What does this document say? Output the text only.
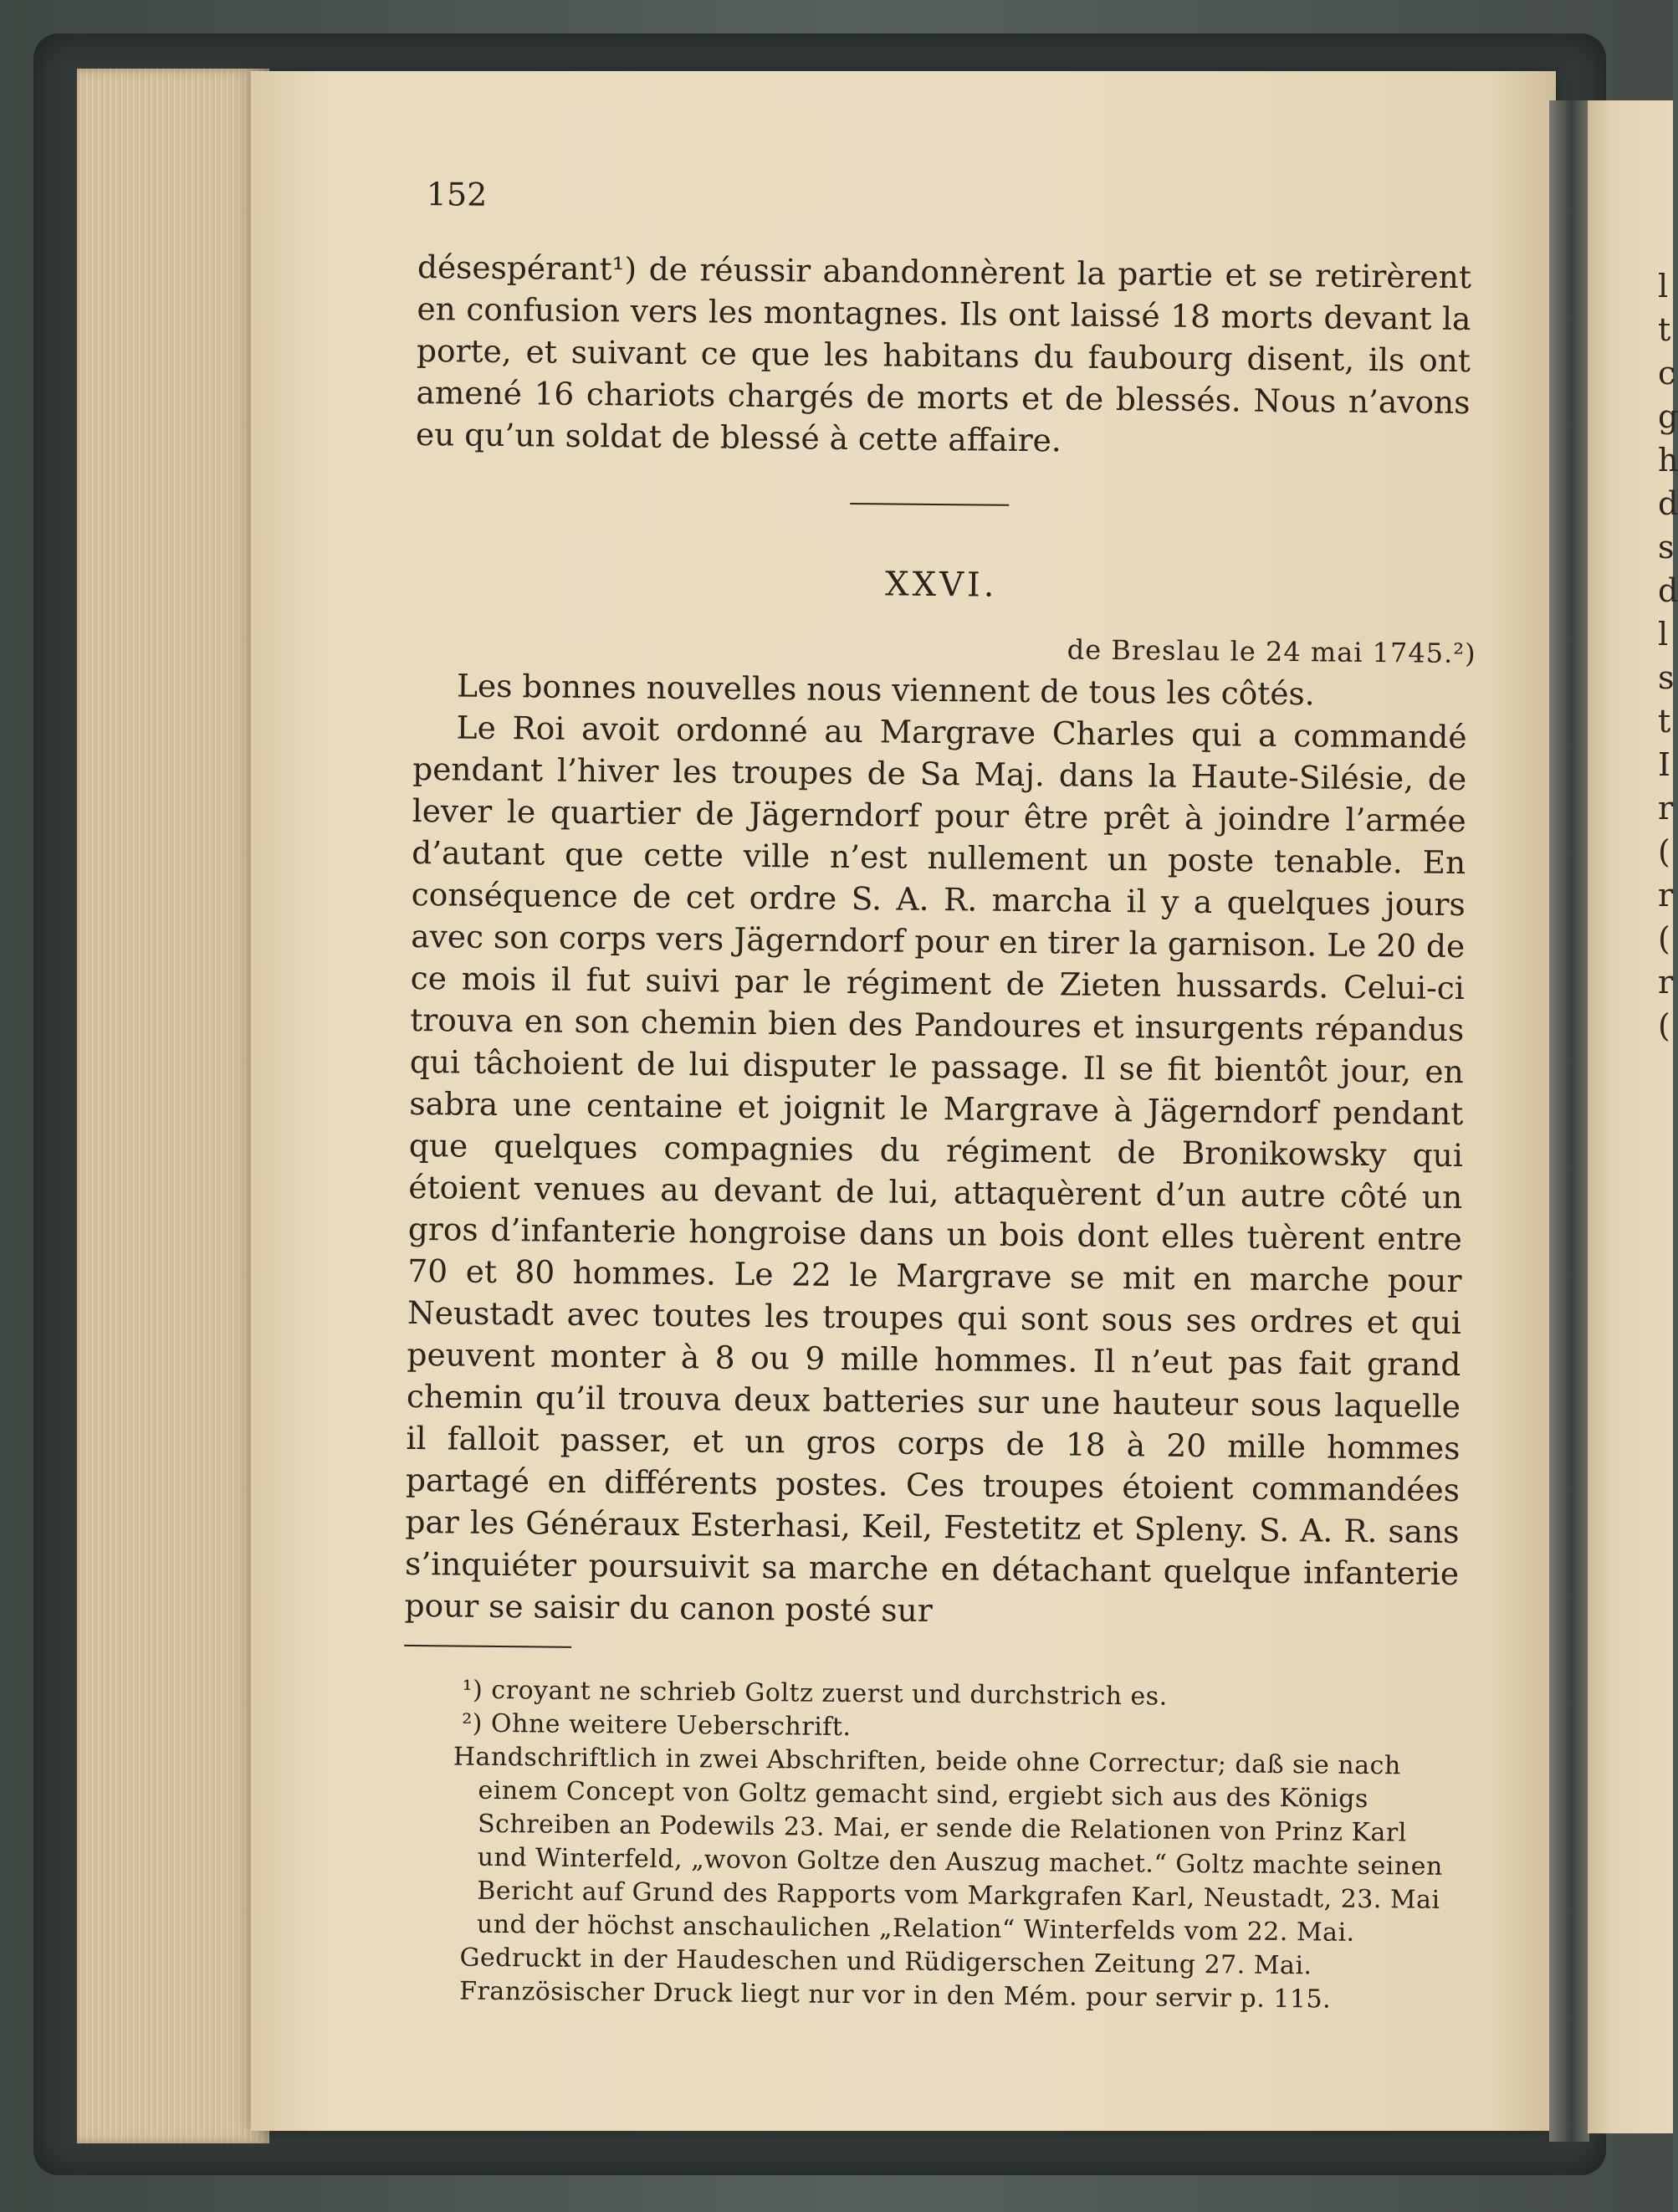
l
t
c
g
h
d
s
d
l
s
t
I
r
(
r
(
r
(
152

désespérant¹) de réussir abandonnèrent la partie et se retirèrent en confusion vers les montagnes. Ils ont laissé 18 morts devant la porte, et suivant ce que les habitans du faubourg disent, ils ont amené 16 chariots chargés de morts et de blessés. Nous n’avons eu qu’un soldat de blessé à cette affaire.

XXVI.
de Breslau le 24 mai 1745.²)

Les bonnes nouvelles nous viennent de tous les côtés.

Le Roi avoit ordonné au Margrave Charles qui a commandé pendant l’hiver les troupes de Sa Maj. dans la Haute-Silésie, de lever le quartier de Jägerndorf pour être prêt à joindre l’armée d’autant que cette ville n’est nullement un poste tenable. En conséquence de cet ordre S. A. R. marcha il y a quelques jours avec son corps vers Jägerndorf pour en tirer la garnison. Le 20 de ce mois il fut suivi par le régiment de Zieten hussards. Celui-ci trouva en son chemin bien des Pandoures et insurgents répandus qui tâchoient de lui disputer le passage. Il se fit bientôt jour, en sabra une centaine et joignit le Margrave à Jägerndorf pendant que quelques compagnies du régiment de Bronikowsky qui étoient venues au devant de lui, attaquèrent d’un autre côté un gros d’infanterie hongroise dans un bois dont elles tuèrent entre 70 et 80 hommes. Le 22 le Margrave se mit en marche pour Neustadt avec toutes les troupes qui sont sous ses ordres et qui peuvent monter à 8 ou 9 mille hommes. Il n’eut pas fait grand chemin qu’il trouva deux batteries sur une hauteur sous laquelle il falloit passer, et un gros corps de 18 à 20 mille hommes partagé en différents postes. Ces troupes étoient commandées par les Généraux Esterhasi, Keil, Festetitz et Spleny. S. A. R. sans s’inquiéter poursuivit sa marche en détachant quelque infanterie pour se saisir du canon posté sur

¹) croyant ne schrieb Goltz zuerst und durchstrich es.

²) Ohne weitere Ueberschrift.

Handschriftlich in zwei Abschriften, beide ohne Correctur; daß sie nach einem Concept von Goltz gemacht sind, ergiebt sich aus des Königs Schreiben an Podewils 23. Mai, er sende die Relationen von Prinz Karl und Winterfeld, „wovon Goltze den Auszug machet.“ Goltz machte seinen Bericht auf Grund des Rapports vom Markgrafen Karl, Neustadt, 23. Mai und der höchst anschaulichen „Relation“ Winterfelds vom 22. Mai.

Gedruckt in der Haudeschen und Rüdigerschen Zeitung 27. Mai.

Französischer Druck liegt nur vor in den Mém. pour servir p. 115.
